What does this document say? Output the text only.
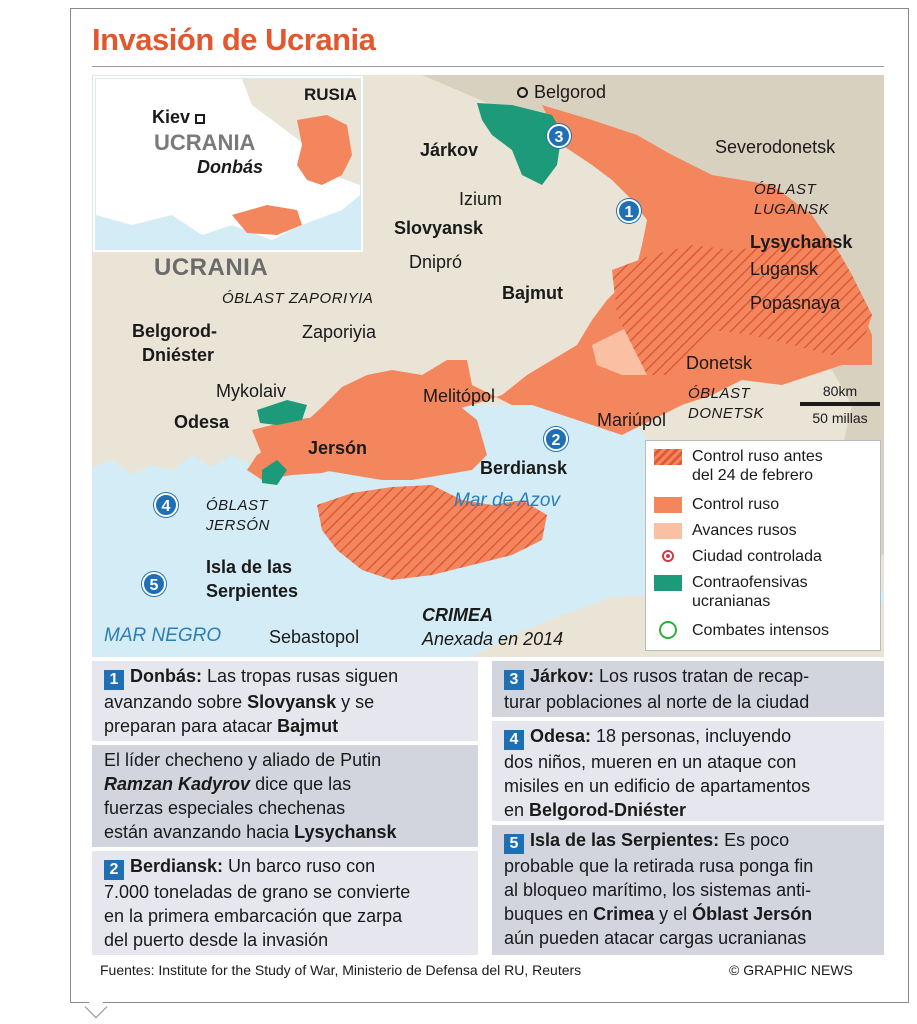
Invasión de Ucrania
RUSIA
Kiev
UCRANIA
Donbás
UCRANIA
Belgorod
Járkov
Izium
Slovyansk
Dnipró
Bajmut
Severodonetsk
Lysychansk
Lugansk
Popásnaya
Donetsk
Zaporiyia
Melitópol
Mariúpol
Berdiansk
Mykolaiv
Odesa
Jersón
Belgorod-
Dniéster
Isla de las
Serpientes
Sebastopol
ÓBLAST
LUGANSK
ÓBLAST ZAPORIYIA
ÓBLAST
DONETSK
ÓBLAST
JERSÓN
MAR NEGRO
Mar de Azov
CRIMEA
Anexada en 2014
1
2
3
4
5
80km
50 millas
Control ruso antes
del 24 de febrero
Control ruso
Avances rusos
Ciudad controlada
Contraofensivas
ucranianas
Combates intensos
1 Donbás: Las tropas rusas siguen
avanzando sobre Slovyansk y se
preparan para atacar Bajmut
El líder checheno y aliado de Putin
Ramzan Kadyrov dice que las
fuerzas especiales chechenas
están avanzando hacia Lysychansk
2 Berdiansk: Un barco ruso con
7.000 toneladas de grano se convierte
en la primera embarcación que zarpa
del puerto desde la invasión
3 Járkov: Los rusos tratan de recap-
turar poblaciones al norte de la ciudad
4 Odesa: 18 personas, incluyendo
dos niños, mueren en un ataque con
misiles en un edificio de apartamentos
en Belgorod-Dniéster
5 Isla de las Serpientes: Es poco
probable que la retirada rusa ponga fin
al bloqueo marítimo, los sistemas anti-
buques en Crimea y el Óblast Jersón
aún pueden atacar cargas ucranianas
Fuentes: Institute for the Study of War, Ministerio de Defensa del RU, Reuters	© GRAPHIC NEWS
